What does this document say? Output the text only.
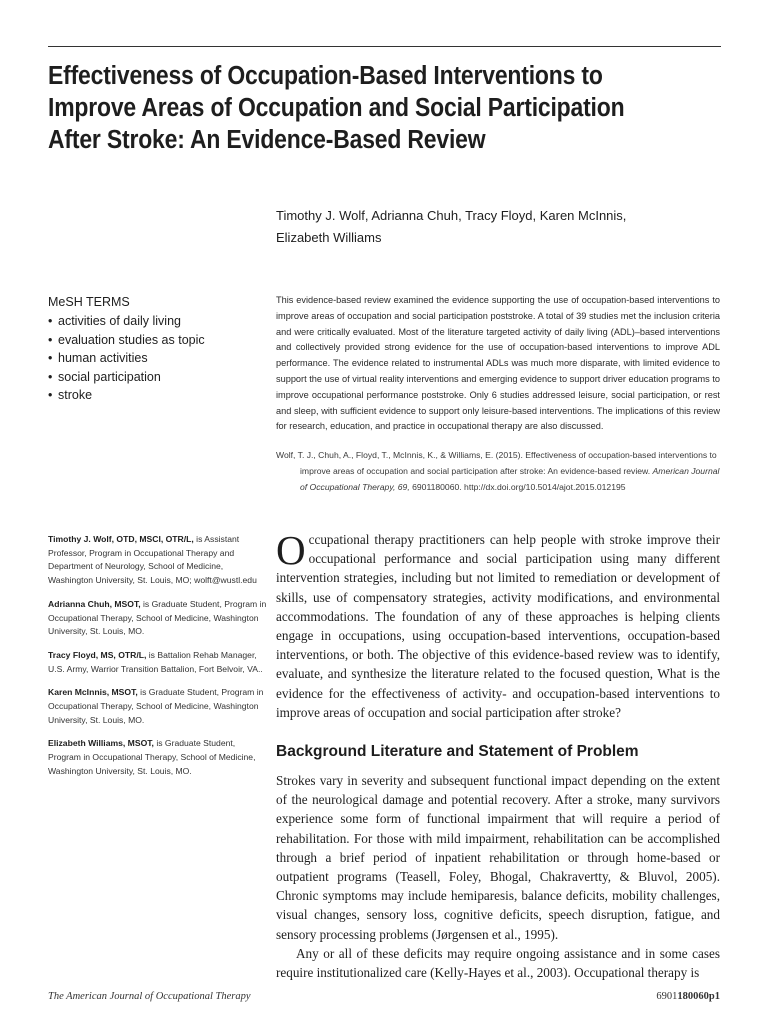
Effectiveness of Occupation-Based Interventions to
Improve Areas of Occupation and Social Participation
After Stroke: An Evidence-Based Review
Timothy J. Wolf, Adrianna Chuh, Tracy Floyd, Karen McInnis,
Elizabeth Williams
MeSH TERMS
• activities of daily living
• evaluation studies as topic
• human activities
• social participation
• stroke

This evidence-based review examined the evidence supporting the use of occupation-based interventions to improve areas of occupation and social participation poststroke. A total of 39 studies met the inclusion criteria and were critically evaluated. Most of the literature targeted activity of daily living (ADL)–based interventions and collectively provided strong evidence for the use of occupation-based interventions to improve ADL performance. The evidence related to instrumental ADLs was much more disparate, with limited evidence to support the use of virtual reality interventions and emerging evidence to support driver education programs to improve occupational performance poststroke. Only 6 studies addressed leisure, social participation, or rest and sleep, with sufficient evidence to support only leisure-based interventions. The implications of this review for research, education, and practice in occupational therapy are also discussed.

Wolf, T. J., Chuh, A., Floyd, T., McInnis, K., & Williams, E. (2015). Effectiveness of occupation-based interventions to improve areas of occupation and social participation after stroke: An evidence-based review. American Journal of Occupational Therapy, 69, 6901180060. http://dx.doi.org/10.5014/ajot.2015.012195

Timothy J. Wolf, OTD, MSCI, OTR/L, is Assistant Professor, Program in Occupational Therapy and Department of Neurology, School of Medicine, Washington University, St. Louis, MO; wolft@wustl.edu

Adrianna Chuh, MSOT, is Graduate Student, Program in Occupational Therapy, School of Medicine, Washington University, St. Louis, MO.

Tracy Floyd, MS, OTR/L, is Battalion Rehab Manager, U.S. Army, Warrior Transition Battalion, Fort Belvoir, VA..

Karen McInnis, MSOT, is Graduate Student, Program in Occupational Therapy, School of Medicine, Washington University, St. Louis, MO.

Elizabeth Williams, MSOT, is Graduate Student, Program in Occupational Therapy, School of Medicine, Washington University, St. Louis, MO.

Occupational therapy practitioners can help people with stroke improve their occupational performance and social participation using many different intervention strategies, including but not limited to remediation or development of skills, use of compensatory strategies, activity modifications, and environmental accommodations. The foundation of any of these approaches is helping clients engage in occupations, using occupation-based interventions, occupation-based interventions, or both. The objective of this evidence-based review was to identify, evaluate, and synthesize the literature related to the focused question, What is the evidence for the effectiveness of activity- and occupation-based interventions to improve areas of occupation and social participation after stroke?

Background Literature and Statement of Problem

Strokes vary in severity and subsequent functional impact depending on the extent of the neurological damage and potential recovery. After a stroke, many survivors experience some form of functional impairment that will require a period of rehabilitation. For those with mild impairment, rehabilitation can be accomplished through a brief period of inpatient rehabilitation or through home-based or outpatient programs (Teasell, Foley, Bhogal, Chakravertty, & Bluvol, 2005). Chronic symptoms may include hemiparesis, balance deficits, mobility challenges, visual changes, sensory loss, cognitive deficits, speech disruption, fatigue, and sensory processing problems (Jørgensen et al., 1995).

Any or all of these deficits may require ongoing assistance and in some cases require institutionalized care (Kelly-Hayes et al., 2003). Occupational therapy is

The American Journal of Occupational Therapy	6901180060p1
